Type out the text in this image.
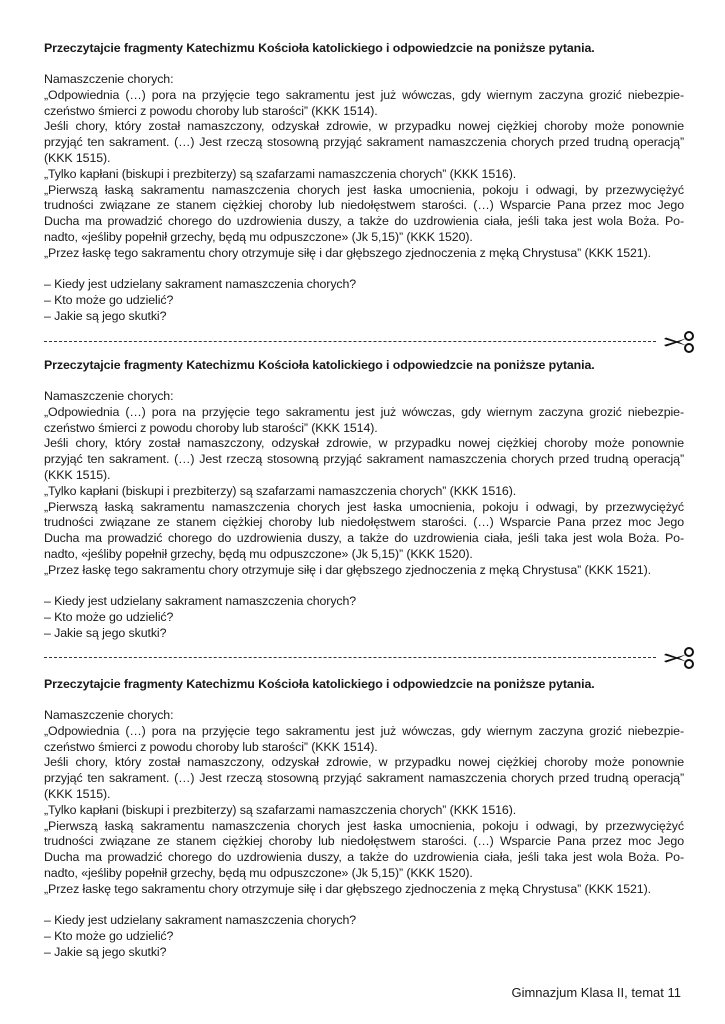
Przeczytajcie fragmenty Katechizmu Kościoła katolickiego i odpowiedzcie na poniższe pytania.
Namaszczenie chorych:
„Odpowiednia (…) pora na przyjęcie tego sakramentu jest już wówczas, gdy wiernym zaczyna grozić niebezpie-
czeństwo śmierci z powodu choroby lub starości” (KKK 1514).
Jeśli chory, który został namaszczony, odzyskał zdrowie, w przypadku nowej ciężkiej choroby może ponownie
przyjąć ten sakrament. (…) Jest rzeczą stosowną przyjąć sakrament namaszczenia chorych przed trudną operacją”
(KKK 1515).
„Tylko kapłani (biskupi i prezbiterzy) są szafarzami namaszczenia chorych” (KKK 1516).
„Pierwszą łaską sakramentu namaszczenia chorych jest łaska umocnienia, pokoju i odwagi, by przezwyciężyć
trudności związane ze stanem ciężkiej choroby lub niedołęstwem starości. (…) Wsparcie Pana przez moc Jego
Ducha ma prowadzić chorego do uzdrowienia duszy, a także do uzdrowienia ciała, jeśli taka jest wola Boża. Po-
nadto, «jeśliby popełnił grzechy, będą mu odpuszczone» (Jk 5,15)” (KKK 1520).
„Przez łaskę tego sakramentu chory otrzymuje siłę i dar głębszego zjednoczenia z męką Chrystusa” (KKK 1521).
– Kiedy jest udzielany sakrament namaszczenia chorych?
– Kto może go udzielić?
– Jakie są jego skutki?
Przeczytajcie fragmenty Katechizmu Kościoła katolickiego i odpowiedzcie na poniższe pytania.
Namaszczenie chorych:
„Odpowiednia (…) pora na przyjęcie tego sakramentu jest już wówczas, gdy wiernym zaczyna grozić niebezpie-
czeństwo śmierci z powodu choroby lub starości” (KKK 1514).
Jeśli chory, który został namaszczony, odzyskał zdrowie, w przypadku nowej ciężkiej choroby może ponownie
przyjąć ten sakrament. (…) Jest rzeczą stosowną przyjąć sakrament namaszczenia chorych przed trudną operacją”
(KKK 1515).
„Tylko kapłani (biskupi i prezbiterzy) są szafarzami namaszczenia chorych” (KKK 1516).
„Pierwszą łaską sakramentu namaszczenia chorych jest łaska umocnienia, pokoju i odwagi, by przezwyciężyć
trudności związane ze stanem ciężkiej choroby lub niedołęstwem starości. (…) Wsparcie Pana przez moc Jego
Ducha ma prowadzić chorego do uzdrowienia duszy, a także do uzdrowienia ciała, jeśli taka jest wola Boża. Po-
nadto, «jeśliby popełnił grzechy, będą mu odpuszczone» (Jk 5,15)” (KKK 1520).
„Przez łaskę tego sakramentu chory otrzymuje siłę i dar głębszego zjednoczenia z męką Chrystusa” (KKK 1521).
– Kiedy jest udzielany sakrament namaszczenia chorych?
– Kto może go udzielić?
– Jakie są jego skutki?
Przeczytajcie fragmenty Katechizmu Kościoła katolickiego i odpowiedzcie na poniższe pytania.
Namaszczenie chorych:
„Odpowiednia (…) pora na przyjęcie tego sakramentu jest już wówczas, gdy wiernym zaczyna grozić niebezpie-
czeństwo śmierci z powodu choroby lub starości” (KKK 1514).
Jeśli chory, który został namaszczony, odzyskał zdrowie, w przypadku nowej ciężkiej choroby może ponownie
przyjąć ten sakrament. (…) Jest rzeczą stosowną przyjąć sakrament namaszczenia chorych przed trudną operacją”
(KKK 1515).
„Tylko kapłani (biskupi i prezbiterzy) są szafarzami namaszczenia chorych” (KKK 1516).
„Pierwszą łaską sakramentu namaszczenia chorych jest łaska umocnienia, pokoju i odwagi, by przezwyciężyć
trudności związane ze stanem ciężkiej choroby lub niedołęstwem starości. (…) Wsparcie Pana przez moc Jego
Ducha ma prowadzić chorego do uzdrowienia duszy, a także do uzdrowienia ciała, jeśli taka jest wola Boża. Po-
nadto, «jeśliby popełnił grzechy, będą mu odpuszczone» (Jk 5,15)” (KKK 1520).
„Przez łaskę tego sakramentu chory otrzymuje siłę i dar głębszego zjednoczenia z męką Chrystusa” (KKK 1521).
– Kiedy jest udzielany sakrament namaszczenia chorych?
– Kto może go udzielić?
– Jakie są jego skutki?
Gimnazjum Klasa II, temat 11
